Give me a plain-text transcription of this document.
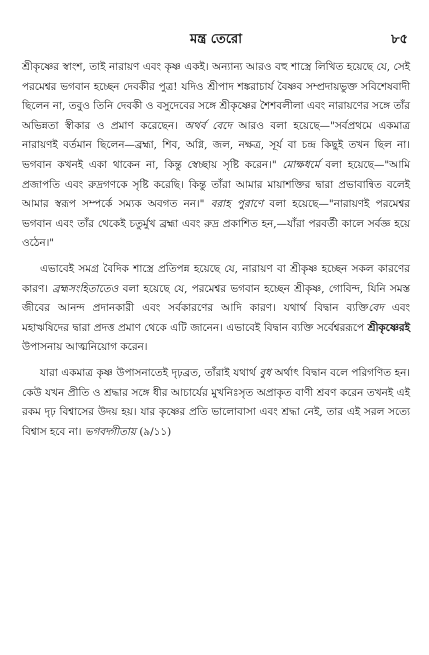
মন্ত্র তেরো	৮৫

শ্রীকৃষ্ণের স্বাংশ, তাই নারায়ণ এবং কৃষ্ণ একই। অন্যান্য আরও বহু শাস্ত্রে লিখিত হয়েছে যে, সেই পরমেশ্বর ভগবান হচ্ছেন দেবকীর পুত্র! যদিও শ্রীপাদ শঙ্করাচার্য বৈষ্ণব সম্প্রদায়ভুক্ত সবিশেষবাদী ছিলেন না, তবুও তিনি দেবকী ও বসুদেবের সঙ্গে শ্রীকৃষ্ণের শৈশবলীলা এবং নারায়ণের সঙ্গে তাঁর অভিন্নতা স্বীকার ও প্রমাণ করেছেন। অথর্ব বেদে আরও বলা হয়েছে—"সর্বপ্রথমে একমাত্র নারায়ণই বর্তমান ছিলেন—ব্রহ্মা, শিব, অগ্নি, জল, নক্ষত্র, সূর্য বা চন্দ্র কিছুই তখন ছিল না। ভগবান কখনই একা থাকেন না, কিন্তু স্বেচ্ছায় সৃষ্টি করেন।" মোক্ষধর্মে বলা হয়েছে—"আমি প্রজাপতি এবং রুদ্রগণকে সৃষ্টি করেছি। কিন্তু তাঁরা আমার মায়াশক্তির দ্বারা প্রভাবান্বিত বলেই আমার স্বরূপ সম্পর্কে সম্যক অবগত নন।" বরাহ পুরাণে বলা হয়েছে—"নারায়ণই পরমেশ্বর ভগবান এবং তাঁর থেকেই চতুর্মুখ ব্রহ্মা এবং রুদ্র প্রকাশিত হন,—যাঁরা পরবর্তী কালে সর্বজ্ঞ হয়ে ওঠেন।"

এভাবেই সমগ্র বৈদিক শাস্ত্রে প্রতিপন্ন হয়েছে যে, নারায়ণ বা শ্রীকৃষ্ণ হচ্ছেন সকল কারণের কারণ। ব্রহ্মসংহিতাতেও বলা হয়েছে যে, পরমেশ্বর ভগবান হচ্ছেন শ্রীকৃষ্ণ, গোবিন্দ, যিনি সমস্ত জীবের আনন্দ প্রদানকারী এবং সর্বকারণের আদি কারণ। যথার্থ বিদ্বান ব্যক্তিবেদ এবং মহাঋষিদের দ্বারা প্রদত্ত প্রমাণ থেকে এটি জানেন। এভাবেই বিদ্বান ব্যক্তি সর্বেশ্বররূপে শ্রীকৃষ্ণেরই উপাসনায় আত্মনিয়োগ করেন।

যারা একমাত্র কৃষ্ণ উপাসনাতেই দৃঢ়ব্রত, তাঁরাই যথার্থ বুধ অর্থাৎ বিদ্বান বলে পরিগণিত হন। কেউ যখন প্রীতি ও শ্রদ্ধার সঙ্গে ধীর আচার্যের মুখনিঃসৃত অপ্রাকৃত বাণী শ্রবণ করেন তখনই এই রকম দৃঢ় বিশ্বাসের উদয় হয়। যার কৃষ্ণের প্রতি ভালোবাসা এবং শ্রদ্ধা নেই, তার এই সরল সত্যে বিশ্বাস হবে না। ভগবদ্গীতায় (৯/১১)
